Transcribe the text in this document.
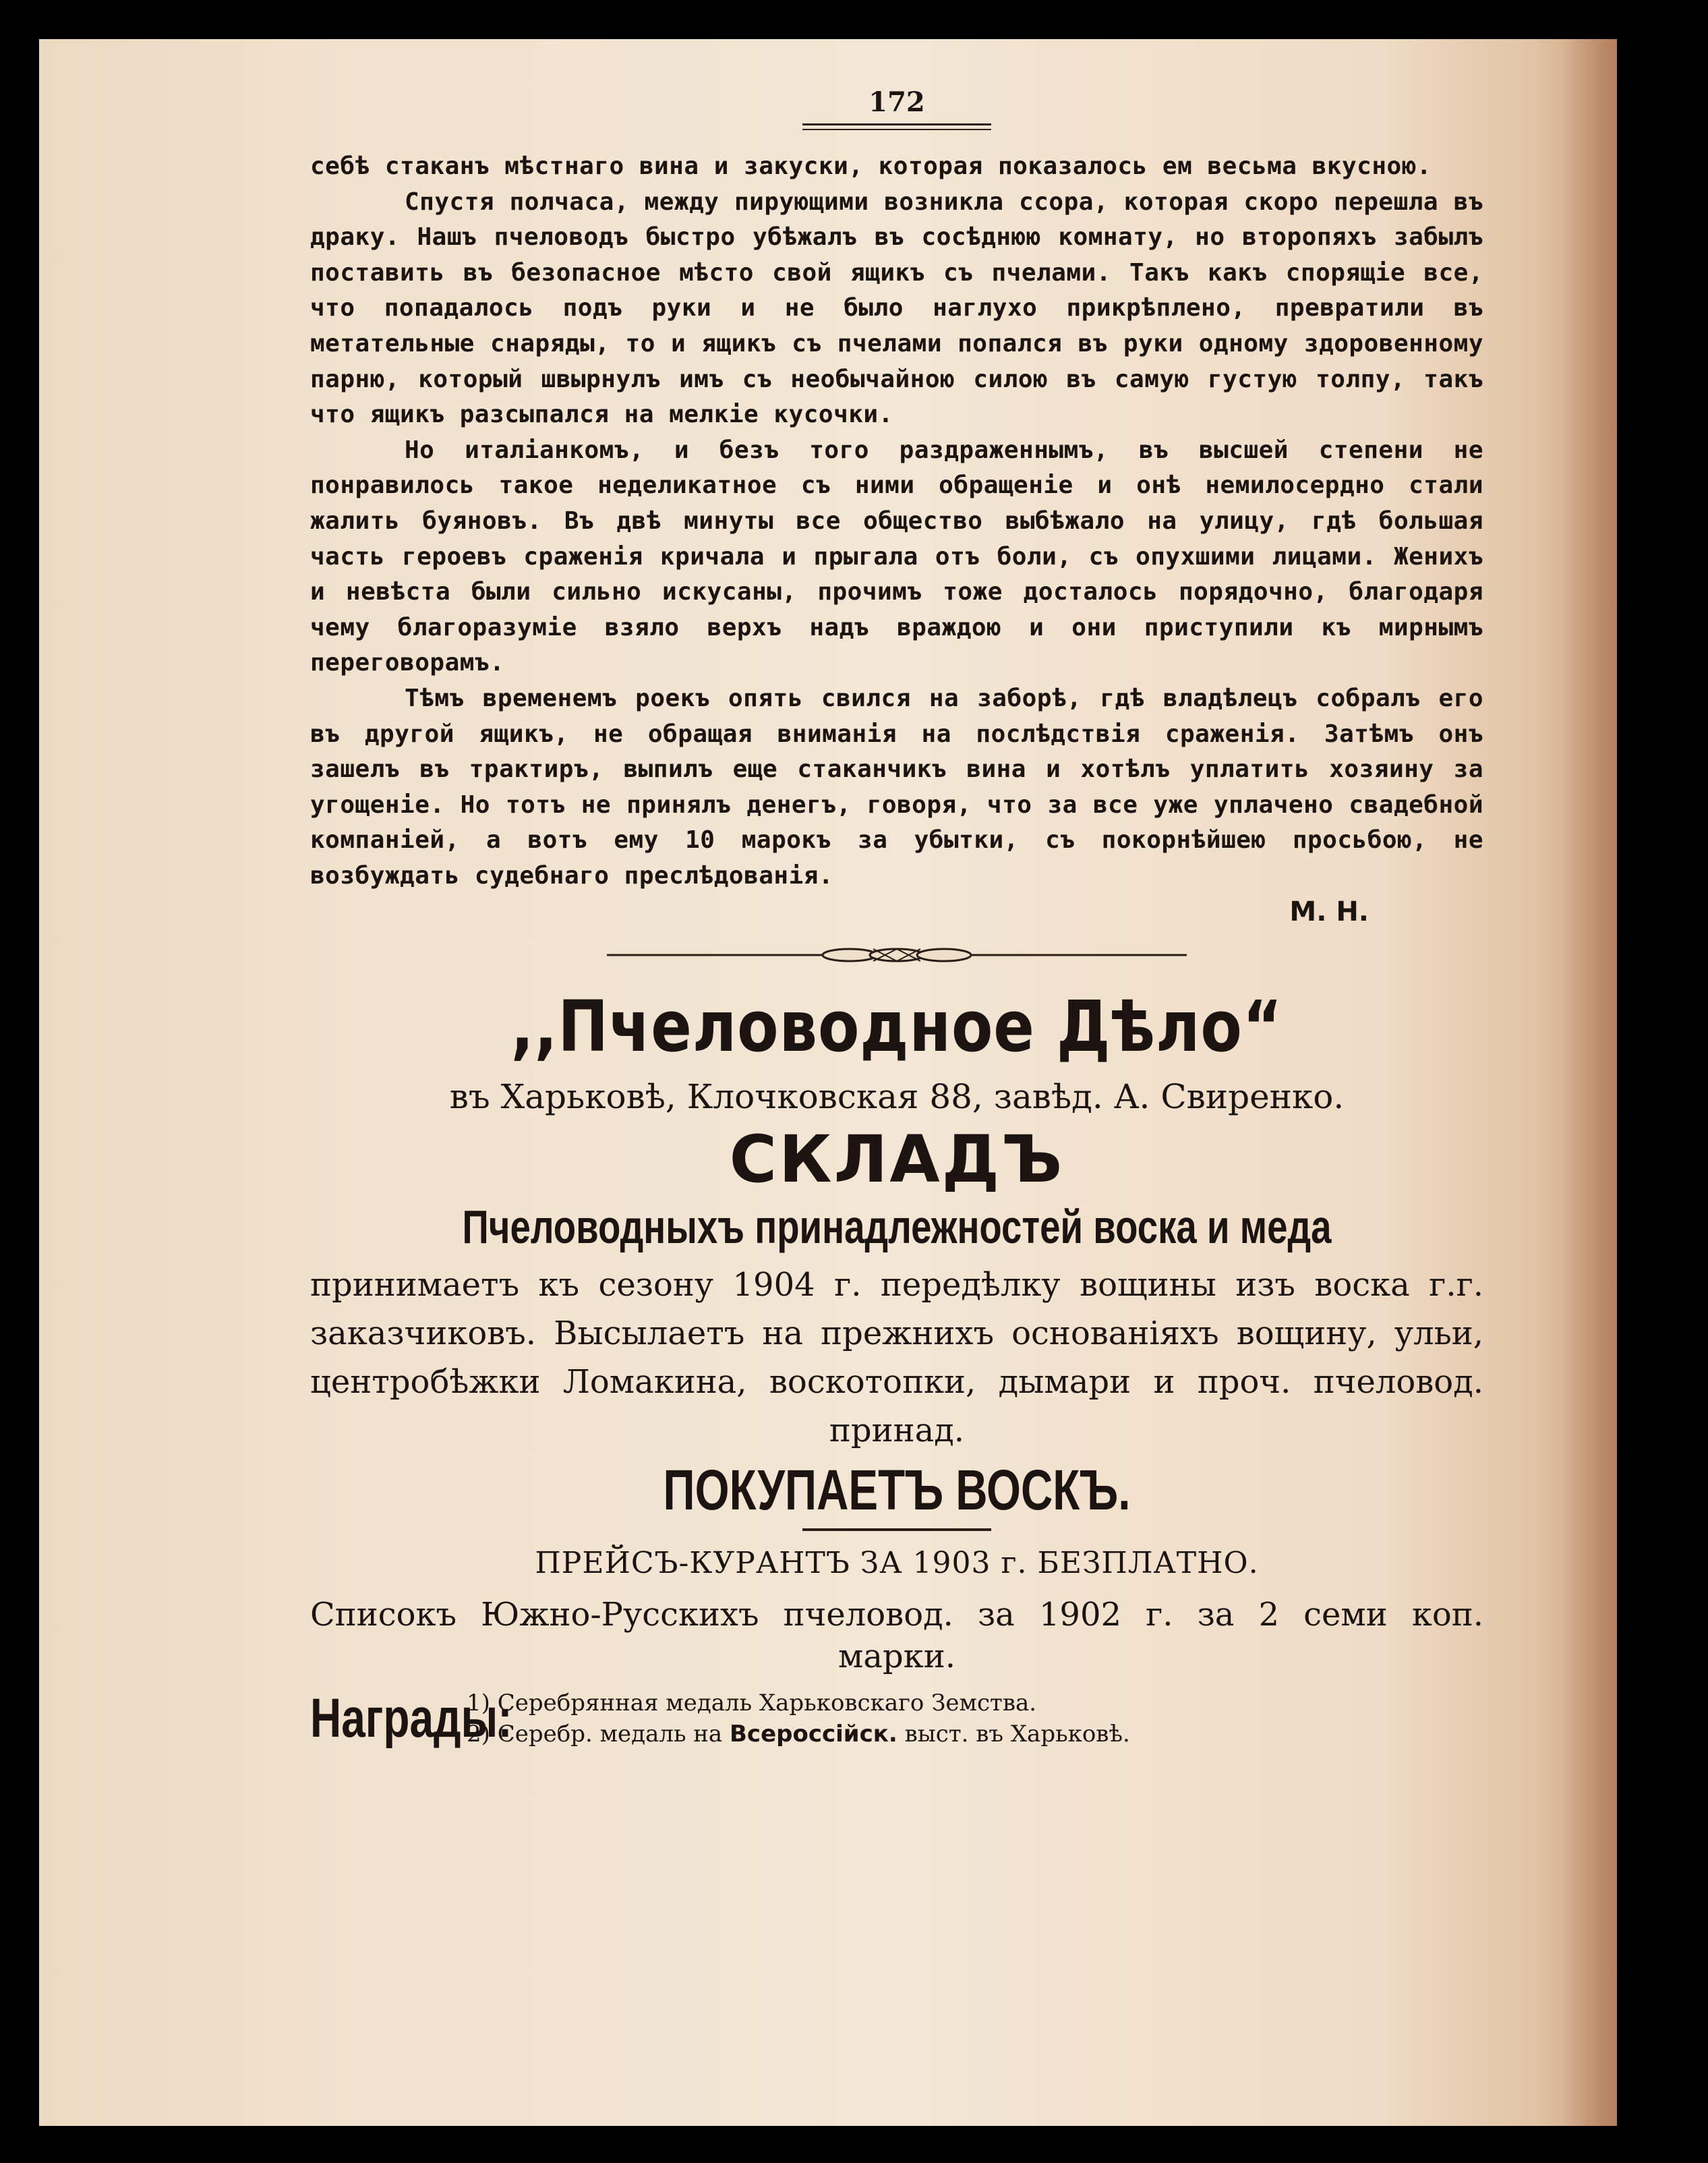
172

себѣ стаканъ мѣстнаго вина и закуски, которая показалось ем весьма вкусною.

Спустя полчаса, между пирующими возникла ссора, которая скоро перешла въ драку. Нашъ пчеловодъ быстро убѣжалъ въ сосѣднюю комнату, но второпяхъ забылъ поставить въ безопасное мѣсто свой ящикъ съ пчелами. Такъ какъ спорящіе все, что попадалось подъ руки и не было наглухо прикрѣплено, превратили въ метательные снаряды, то и ящикъ съ пчелами попался въ руки одному здоровенному парню, который швырнулъ имъ съ необычайною силою въ самую густую толпу, такъ что ящикъ разсыпался на мелкіе кусочки.

Но италіанкомъ, и безъ того раздраженнымъ, въ высшей степени не понравилось такое неделикатное съ ними обращеніе и онѣ немилосердно стали жалить буяновъ. Въ двѣ минуты все общество выбѣжало на улицу, гдѣ большая часть героевъ сраженія кричала и прыгала отъ боли, съ опухшими лицами. Женихъ и невѣста были сильно искусаны, прочимъ тоже досталось порядочно, благодаря чему благоразуміе взяло верхъ надъ враждою и они приступили къ мирнымъ переговорамъ.

Тѣмъ временемъ роекъ опять свился на заборѣ, гдѣ владѣлецъ собралъ его въ другой ящикъ, не обращая вниманія на послѣдствія сраженія. Затѣмъ онъ зашелъ въ трактиръ, выпилъ еще стаканчикъ вина и хотѣлъ уплатить хозяину за угощеніе. Но тотъ не принялъ денегъ, говоря, что за все уже уплачено свадебной компаніей, а вотъ ему 10 марокъ за убытки, съ покорнѣйшею просьбою, не возбуждать судебнаго преслѣдованія.

М. Н.
,,Пчеловодное Дѣло“
въ Харьковѣ, Клочковская 88, завѣд. А. Свиренко.
СКЛАДЪ
Пчеловодныхъ принадлежностей воска и меда
принимаетъ къ сезону 1904 г. передѣлку вощины изъ воска г.г. заказчиковъ. Высылаетъ на прежнихъ основаніяхъ вощину, ульи, центробѣжки Ломакина, воскотопки, дымари и проч. пчеловод. принад.
ПОКУПАЕТЪ ВОСКЪ.
ПРЕЙСЪ-КУРАНТЪ ЗА 1903 г. БЕЗПЛАТНО.
Списокъ Южно-Русскихъ пчеловод. за 1902 г. за 2 семи коп. марки.
Награды:
1) Серебрянная медаль Харьковскаго Земства.
2) Серебр. медаль на Всероссійск. выст. въ Харьковѣ.
